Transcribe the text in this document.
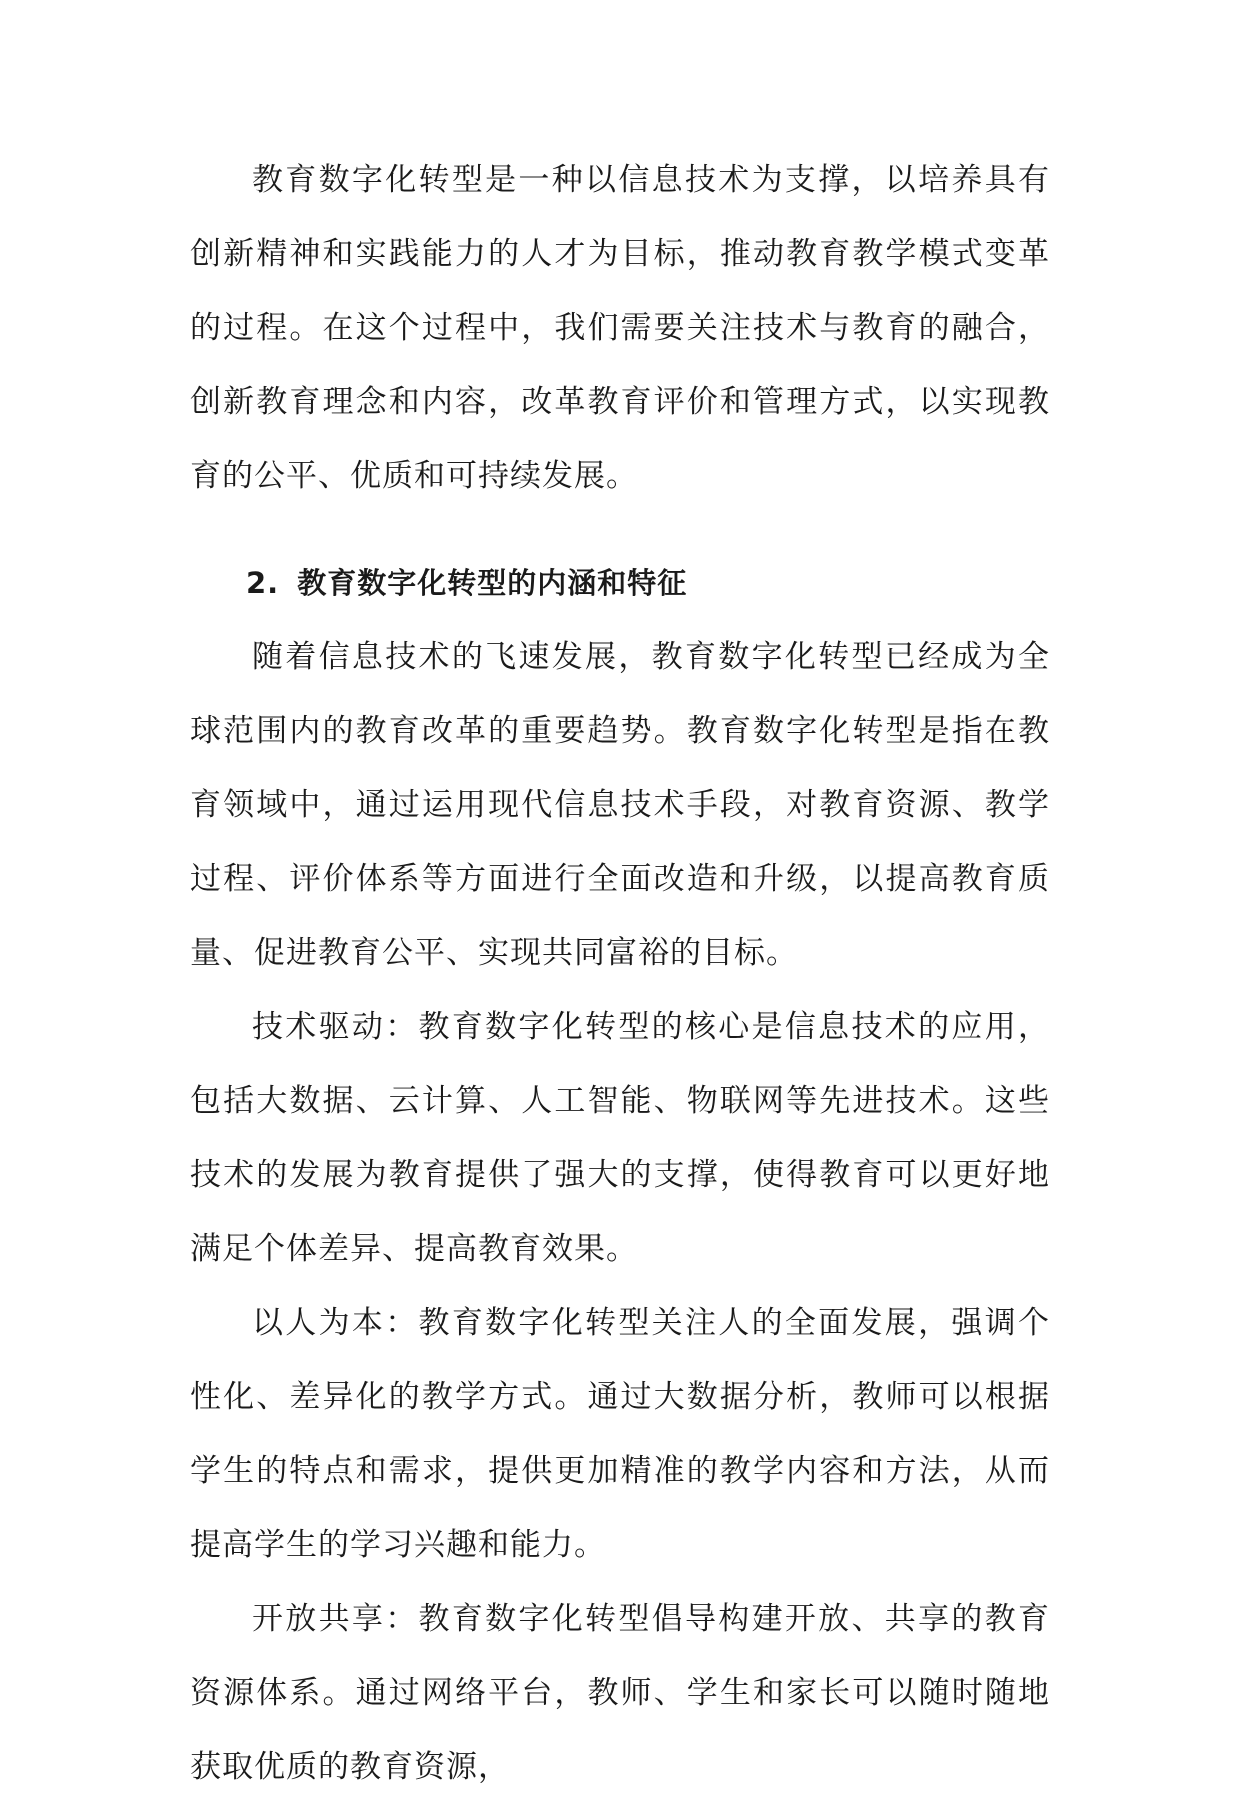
教育数字化转型是一种以信息技术为支撑，以培养具有创新精神和实践能力的人才为目标，推动教育教学模式变革的过程。在这个过程中，我们需要关注技术与教育的融合，创新教育理念和内容，改革教育评价和管理方式，以实现教育的公平、优质和可持续发展。

2. 教育数字化转型的内涵和特征

随着信息技术的飞速发展，教育数字化转型已经成为全球范围内的教育改革的重要趋势。教育数字化转型是指在教育领域中，通过运用现代信息技术手段，对教育资源、教学过程、评价体系等方面进行全面改造和升级，以提高教育质量、促进教育公平、实现共同富裕的目标。

技术驱动：教育数字化转型的核心是信息技术的应用，包括大数据、云计算、人工智能、物联网等先进技术。这些技术的发展为教育提供了强大的支撑，使得教育可以更好地满足个体差异、提高教育效果。

以人为本：教育数字化转型关注人的全面发展，强调个性化、差异化的教学方式。通过大数据分析，教师可以根据学生的特点和需求，提供更加精准的教学内容和方法，从而提高学生的学习兴趣和能力。

开放共享：教育数字化转型倡导构建开放、共享的教育资源体系。通过网络平台，教师、学生和家长可以随时随地获取优质的教育资源，
